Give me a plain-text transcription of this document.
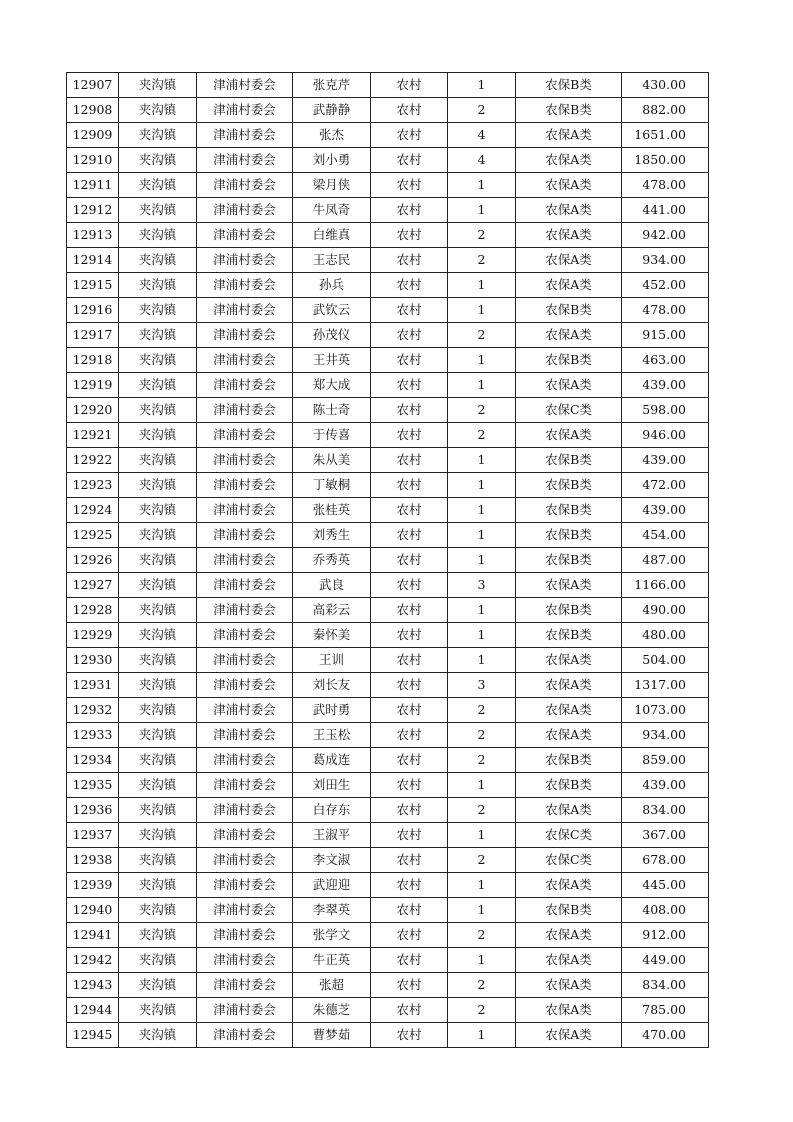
12907	夹沟镇	津浦村委会	张克芹	农村	1	农保B类	430.00
12908	夹沟镇	津浦村委会	武静静	农村	2	农保B类	882.00
12909	夹沟镇	津浦村委会	张杰	农村	4	农保A类	1651.00
12910	夹沟镇	津浦村委会	刘小勇	农村	4	农保A类	1850.00
12911	夹沟镇	津浦村委会	梁月侠	农村	1	农保A类	478.00
12912	夹沟镇	津浦村委会	牛凤奇	农村	1	农保A类	441.00
12913	夹沟镇	津浦村委会	白维真	农村	2	农保A类	942.00
12914	夹沟镇	津浦村委会	王志民	农村	2	农保A类	934.00
12915	夹沟镇	津浦村委会	孙兵	农村	1	农保A类	452.00
12916	夹沟镇	津浦村委会	武钦云	农村	1	农保B类	478.00
12917	夹沟镇	津浦村委会	孙茂仪	农村	2	农保A类	915.00
12918	夹沟镇	津浦村委会	王井英	农村	1	农保B类	463.00
12919	夹沟镇	津浦村委会	郑大成	农村	1	农保A类	439.00
12920	夹沟镇	津浦村委会	陈士奇	农村	2	农保C类	598.00
12921	夹沟镇	津浦村委会	于传喜	农村	2	农保A类	946.00
12922	夹沟镇	津浦村委会	朱从美	农村	1	农保B类	439.00
12923	夹沟镇	津浦村委会	丁敏桐	农村	1	农保B类	472.00
12924	夹沟镇	津浦村委会	张桂英	农村	1	农保B类	439.00
12925	夹沟镇	津浦村委会	刘秀生	农村	1	农保B类	454.00
12926	夹沟镇	津浦村委会	乔秀英	农村	1	农保B类	487.00
12927	夹沟镇	津浦村委会	武良	农村	3	农保A类	1166.00
12928	夹沟镇	津浦村委会	高彩云	农村	1	农保B类	490.00
12929	夹沟镇	津浦村委会	秦怀美	农村	1	农保B类	480.00
12930	夹沟镇	津浦村委会	王训	农村	1	农保A类	504.00
12931	夹沟镇	津浦村委会	刘长友	农村	3	农保A类	1317.00
12932	夹沟镇	津浦村委会	武时勇	农村	2	农保A类	1073.00
12933	夹沟镇	津浦村委会	王玉松	农村	2	农保A类	934.00
12934	夹沟镇	津浦村委会	葛成连	农村	2	农保B类	859.00
12935	夹沟镇	津浦村委会	刘田生	农村	1	农保B类	439.00
12936	夹沟镇	津浦村委会	白存东	农村	2	农保A类	834.00
12937	夹沟镇	津浦村委会	王淑平	农村	1	农保C类	367.00
12938	夹沟镇	津浦村委会	李文淑	农村	2	农保C类	678.00
12939	夹沟镇	津浦村委会	武迎迎	农村	1	农保A类	445.00
12940	夹沟镇	津浦村委会	李翠英	农村	1	农保B类	408.00
12941	夹沟镇	津浦村委会	张学文	农村	2	农保A类	912.00
12942	夹沟镇	津浦村委会	牛正英	农村	1	农保A类	449.00
12943	夹沟镇	津浦村委会	张超	农村	2	农保A类	834.00
12944	夹沟镇	津浦村委会	朱德芝	农村	2	农保A类	785.00
12945	夹沟镇	津浦村委会	曹梦茹	农村	1	农保A类	470.00
